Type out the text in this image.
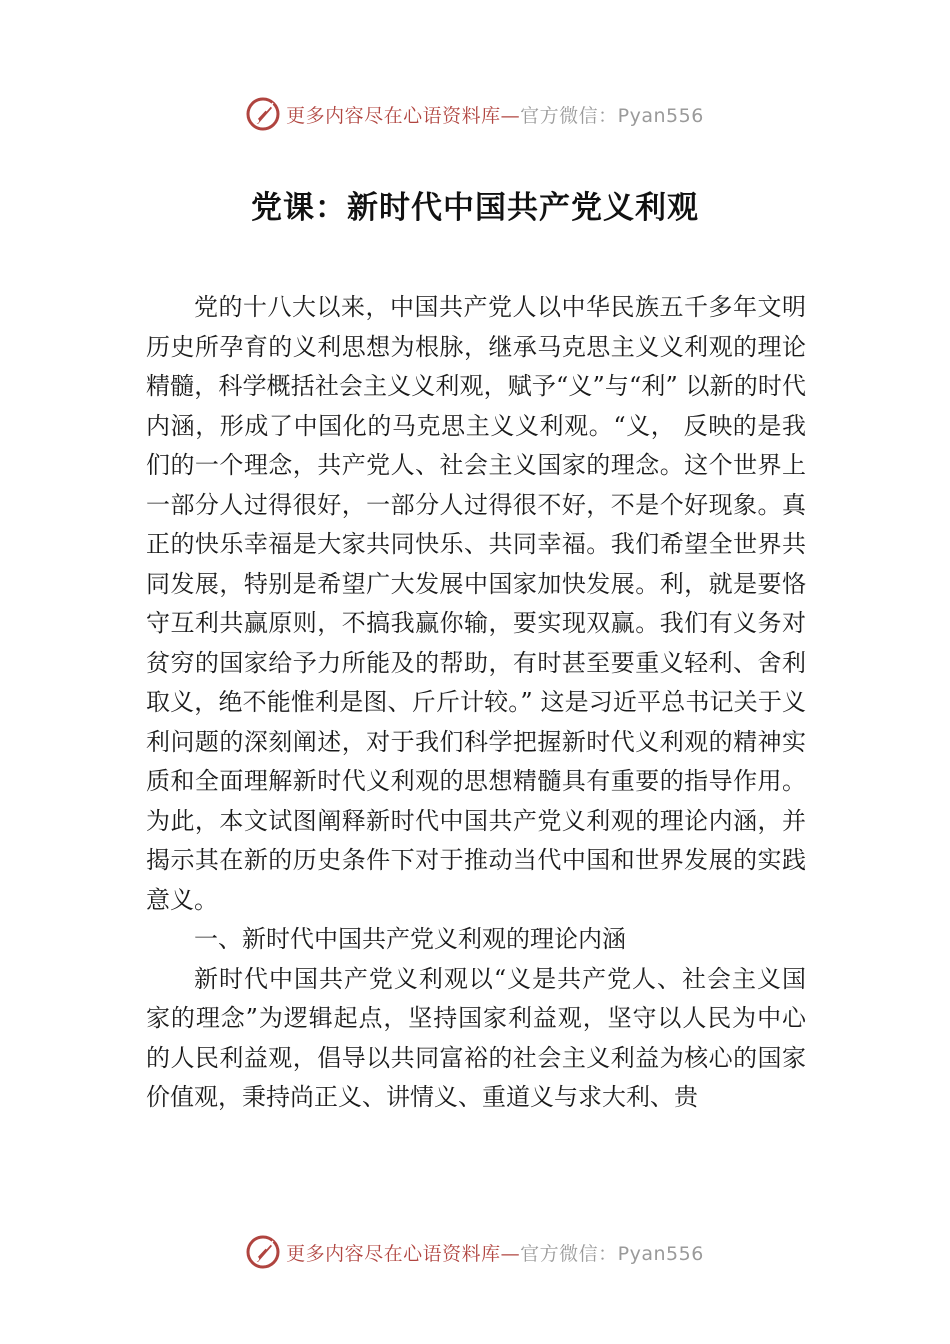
更多内容尽在心语资料库—官方微信：Pyan556
党课：新时代中国共产党义利观

党的十八大以来，中国共产党人以中华民族五千多年文明历史所孕育的义利思想为根脉，继承马克思主义义利观的理论精髓，科学概括社会主义义利观，赋予“义”与“利” 以新的时代内涵，形成了中国化的马克思主义义利观。“义， 反映的是我们的一个理念，共产党人、社会主义国家的理念。这个世界上一部分人过得很好，一部分人过得很不好，不是个好现象。真正的快乐幸福是大家共同快乐、共同幸福。我们希望全世界共同发展，特别是希望广大发展中国家加快发展。利，就是要恪守互利共赢原则，不搞我赢你输，要实现双赢。我们有义务对贫穷的国家给予力所能及的帮助，有时甚至要重义轻利、舍利取义，绝不能惟利是图、斤斤计较。” 这是习近平总书记关于义利问题的深刻阐述，对于我们科学把握新时代义利观的精神实质和全面理解新时代义利观的思想精髓具有重要的指导作用。为此，本文试图阐释新时代中国共产党义利观的理论内涵，并揭示其在新的历史条件下对于推动当代中国和世界发展的实践意义。

一、新时代中国共产党义利观的理论内涵

新时代中国共产党义利观以“义是共产党人、社会主义国家的理念”为逻辑起点，坚持国家利益观，坚守以人民为中心的人民利益观，倡导以共同富裕的社会主义利益为核心的国家价值观，秉持尚正义、讲情义、重道义与求大利、贵

更多内容尽在心语资料库—官方微信：Pyan556
